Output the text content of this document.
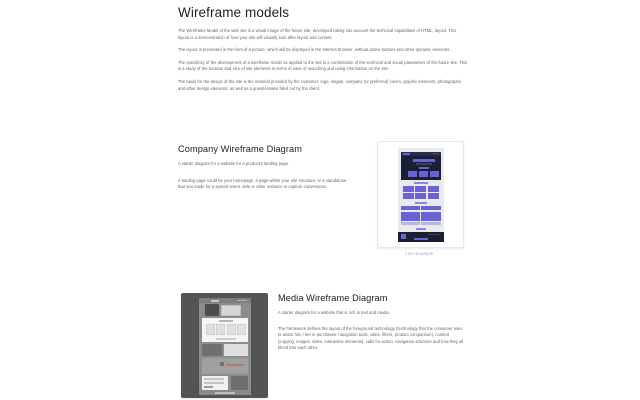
Wireframe models

The Wireframe Model of the web site is a visual image of the future site, developed taking into account the technical capabilities of HTML, layout. This layout is a demonstration of how your site will visually look after layout and content.

The layout is presented in the form of a picture, which will be displayed in the Internet browser, without active buttons and other dynamic elements.

The specificity of the development of a wireframe model as applied to the site is a combination of the technical and visual parameters of the future site. This is a study of the location and size of site elements in terms of ease of searching and using information on the site.

The basis for the design of the site is the material provided by the customer: logo, slogan, company (or preferred) colors, graphic elements, photographs and other design elements, as well as a questionnaire filled out by the client.

Company Wireframe Diagram

A starter diagram for a website for a product's landing page.

A landing page could be your homepage, a page within your site structure, or a standalone that you made for a special event, sale or other instance to capture conversions.

Live Example
Media Wireframe Diagram

A starter diagram for a website that is rich in text and media.

The framework defines the layout of the foreground technology (technology that the consumer uses to assist him / her in purchases: navigation tools, sales, filters, product comparison), content (copying, images, video, interactive elements), calls for action, navigation structure and how they all blend into each other.
